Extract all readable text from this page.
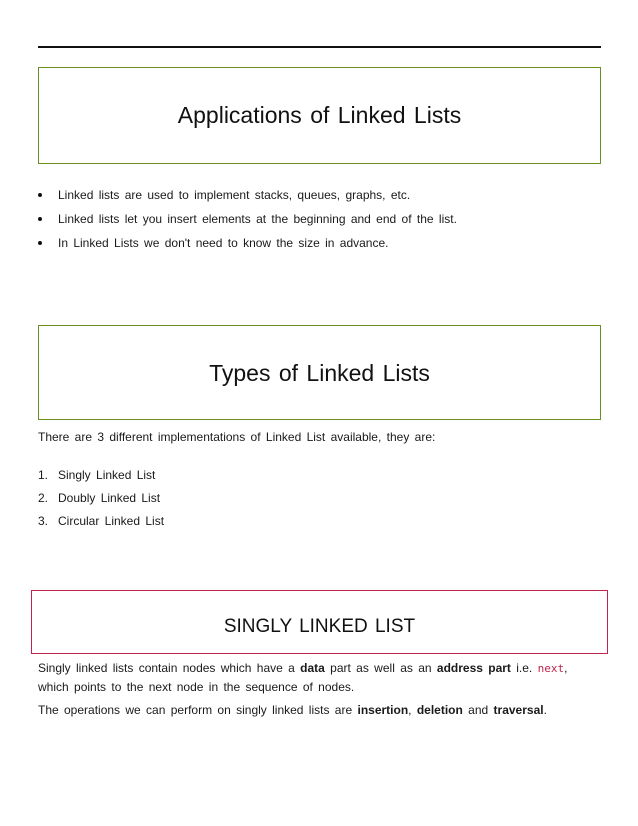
Applications of Linked Lists
Linked lists are used to implement stacks, queues, graphs, etc.
Linked lists let you insert elements at the beginning and end of the list.
In Linked Lists we don't need to know the size in advance.
Types of Linked Lists

There are 3 different implementations of Linked List available, they are:

1. Singly Linked List
2. Doubly Linked List
3. Circular Linked List
SINGLY LINKED LIST

Singly linked lists contain nodes which have a data part as well as an address part i.e. next, which points to the next node in the sequence of nodes.

The operations we can perform on singly linked lists are insertion, deletion and traversal.
